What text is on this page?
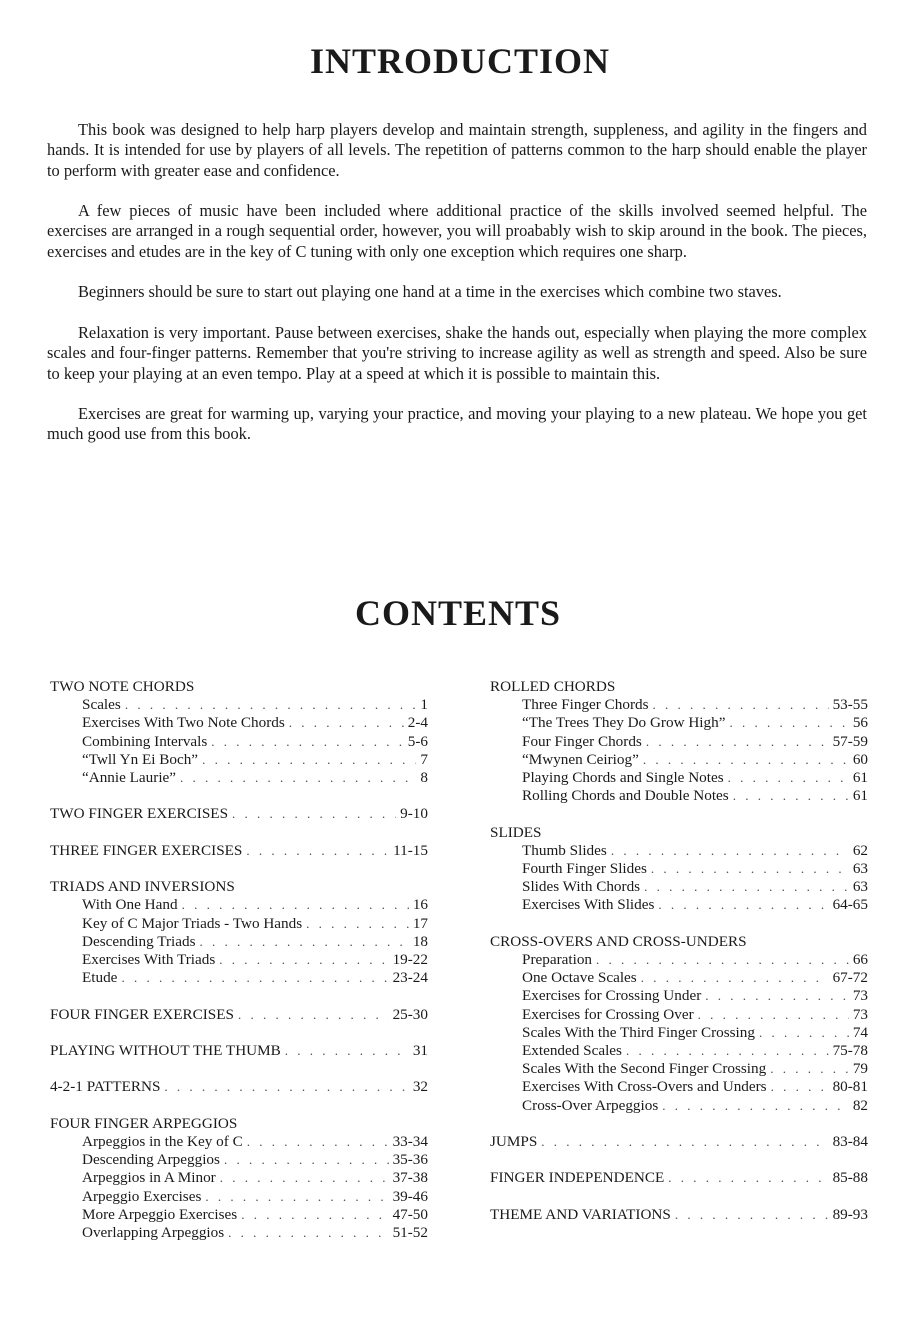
INTRODUCTION

This book was designed to help harp players develop and maintain strength, suppleness, and agility in the fingers and hands. It is intended for use by players of all levels. The repetition of patterns common to the harp should enable the player to perform with greater ease and confidence.

A few pieces of music have been included where additional practice of the skills involved seemed helpful. The exercises are arranged in a rough sequential order, however, you will proabably wish to skip around in the book. The pieces, exercises and etudes are in the key of C tuning with only one exception which requires one sharp.

Beginners should be sure to start out playing one hand at a time in the exercises which combine two staves.

Relaxation is very important. Pause between exercises, shake the hands out, especially when playing the more complex scales and four-finger patterns. Remember that you're striving to increase agility as well as strength and speed. Also be sure to keep your playing at an even tempo. Play at a speed at which it is possible to maintain this.

Exercises are great for warming up, varying your practice, and moving your playing to a new plateau. We hope you get much good use from this book.

CONTENTS
TWO NOTE CHORDS
Scales . . .	1
Exercises With Two Note Chords . . .	2-4
Combining Intervals . . .	5-6
“Twll Yn Ei Boch” . . .	7
“Annie Laurie” . . .	8
TWO FINGER EXERCISES . . .	9-10
THREE FINGER EXERCISES . . .	11-15
TRIADS AND INVERSIONS
With One Hand . . .	16
Key of C Major Triads - Two Hands . . .	17
Descending Triads . . .	18
Exercises With Triads . . .	19-22
Etude . . .	23-24
FOUR FINGER EXERCISES . . .	25-30
PLAYING WITHOUT THE THUMB . . .	31
4-2-1 PATTERNS . . .	32
FOUR FINGER ARPEGGIOS
Arpeggios in the Key of C . . .	33-34
Descending Arpeggios . . .	35-36
Arpeggios in A Minor . . .	37-38
Arpeggio Exercises . . .	39-46
More Arpeggio Exercises . . .	47-50
Overlapping Arpeggios . . .	51-52
ROLLED CHORDS
Three Finger Chords . . .	53-55
“The Trees They Do Grow High” . . .	56
Four Finger Chords . . .	57-59
“Mwynen Ceiriog” . . .	60
Playing Chords and Single Notes . . .	61
Rolling Chords and Double Notes . . .	61
SLIDES
Thumb Slides . . .	62
Fourth Finger Slides . . .	63
Slides With Chords . . .	63
Exercises With Slides . . .	64-65
CROSS-OVERS AND CROSS-UNDERS
Preparation . . .	66
One Octave Scales . . .	67-72
Exercises for Crossing Under . . .	73
Exercises for Crossing Over . . .	73
Scales With the Third Finger Crossing . . .	74
Extended Scales . . .	75-78
Scales With the Second Finger Crossing . . .	79
Exercises With Cross-Overs and Unders . . .	80-81
Cross-Over Arpeggios . . .	82
JUMPS . . .	83-84
FINGER INDEPENDENCE . . .	85-88
THEME AND VARIATIONS . . .	89-93
